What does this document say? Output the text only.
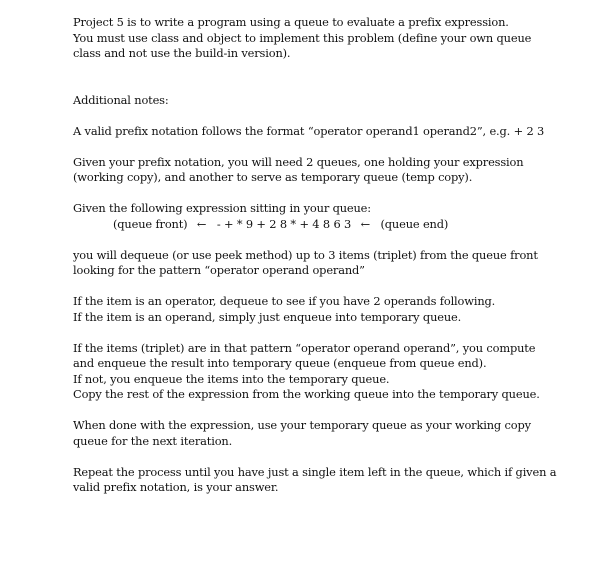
Project 5 is to write a program using a queue to evaluate a prefix expression.
You must use class and object to implement this problem (define your own queue
class and not use the build-in version).
Additional notes:
A valid prefix notation follows the format “operator operand1 operand2”, e.g. + 2 3
Given your prefix notation, you will need 2 queues, one holding your expression
(working copy), and another to serve as temporary queue (temp copy).
Given the following expression sitting in your queue:
(queue front) ← - + * 9 + 2 8 * + 4 8 6 3 ← (queue end)
you will dequeue (or use peek method) up to 3 items (triplet) from the queue front
looking for the pattern “operator operand operand”
If the item is an operator, dequeue to see if you have 2 operands following.
If the item is an operand, simply just enqueue into temporary queue.
If the items (triplet) are in that pattern “operator operand operand”, you compute
and enqueue the result into temporary queue (enqueue from queue end).
If not, you enqueue the items into the temporary queue.
Copy the rest of the expression from the working queue into the temporary queue.
When done with the expression, use your temporary queue as your working copy
queue for the next iteration.
Repeat the process until you have just a single item left in the queue, which if given a
valid prefix notation, is your answer.
